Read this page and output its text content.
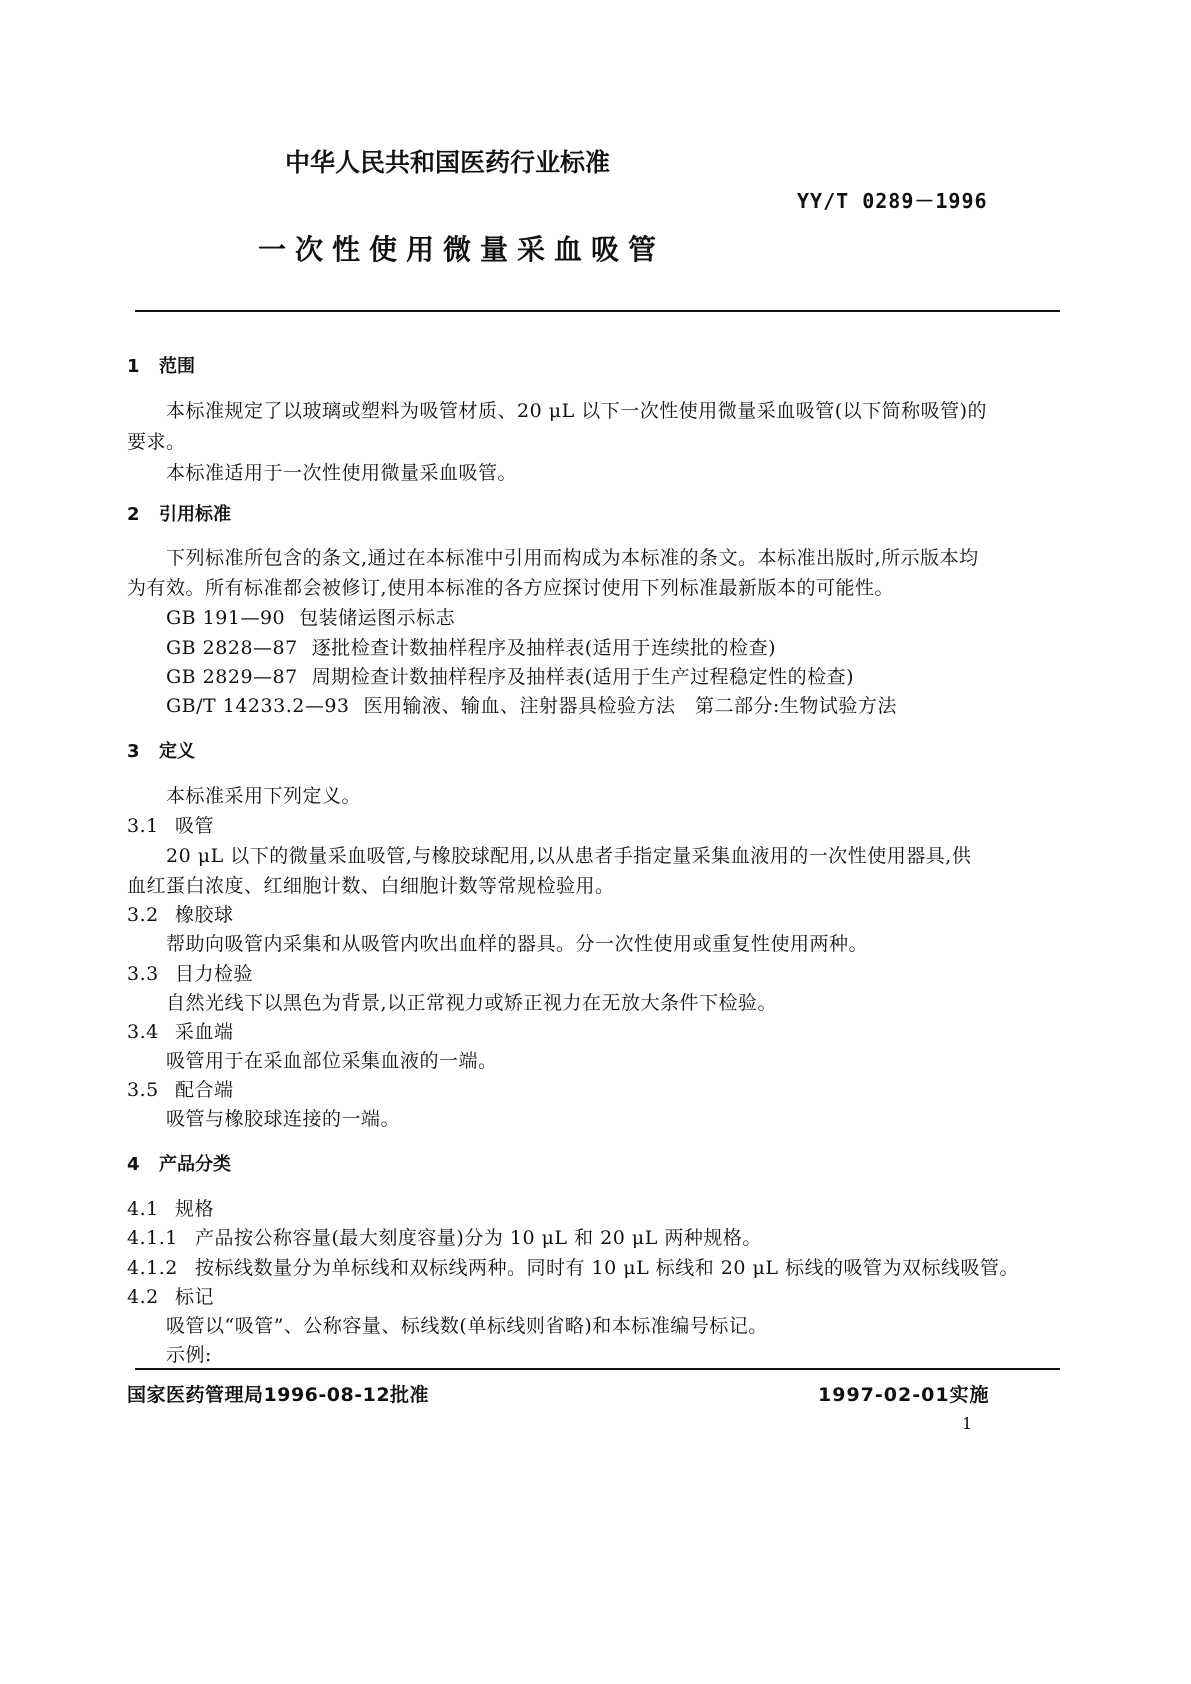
中华人民共和国医药行业标准
YY/T 0289－1996
一次性使用微量采血吸管
1 范围
本标准规定了以玻璃或塑料为吸管材质、20 μL 以下一次性使用微量采血吸管(以下简称吸管)的
要求。
本标准适用于一次性使用微量采血吸管。
2 引用标准
下列标准所包含的条文,通过在本标准中引用而构成为本标准的条文。本标准出版时,所示版本均
为有效。所有标准都会被修订,使用本标准的各方应探讨使用下列标准最新版本的可能性。
GB 191—90 包装储运图示标志
GB 2828—87 逐批检查计数抽样程序及抽样表(适用于连续批的检查)
GB 2829—87 周期检查计数抽样程序及抽样表(适用于生产过程稳定性的检查)
GB/T 14233.2—93 医用输液、输血、注射器具检验方法　第二部分:生物试验方法
3 定义
本标准采用下列定义。
3.1 吸管
20 μL 以下的微量采血吸管,与橡胶球配用,以从患者手指定量采集血液用的一次性使用器具,供
血红蛋白浓度、红细胞计数、白细胞计数等常规检验用。
3.2 橡胶球
帮助向吸管内采集和从吸管内吹出血样的器具。分一次性使用或重复性使用两种。
3.3 目力检验
自然光线下以黑色为背景,以正常视力或矫正视力在无放大条件下检验。
3.4 采血端
吸管用于在采血部位采集血液的一端。
3.5 配合端
吸管与橡胶球连接的一端。
4 产品分类
4.1 规格
4.1.1 产品按公称容量(最大刻度容量)分为 10 μL 和 20 μL 两种规格。
4.1.2 按标线数量分为单标线和双标线两种。同时有 10 μL 标线和 20 μL 标线的吸管为双标线吸管。
4.2 标记
吸管以“吸管”、公称容量、标线数(单标线则省略)和本标准编号标记。
示例:
国家医药管理局1996-08-12批准	1997-02-01实施
1
